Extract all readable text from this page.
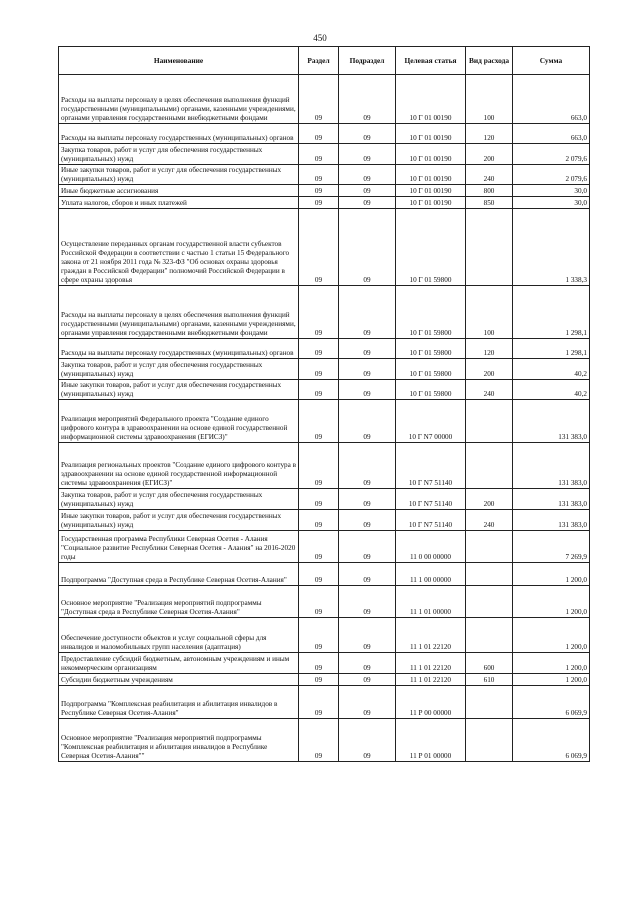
450
Наименование	Раздел	Подраздел	Целевая статья	Вид расхода	Сумма
Расходы на выплаты персоналу в целях обеспечения выполнения функций государственными (муниципальными) органами, казенными учреждениями, органами управления государственными внебюджетными фондами	09	09	10 Г 01 00190	100	663,0
Расходы на выплаты персоналу государственных (муниципальных) органов	09	09	10 Г 01 00190	120	663,0
Закупка товаров, работ и услуг для обеспечения государственных (муниципальных) нужд	09	09	10 Г 01 00190	200	2 079,6
Иные закупки товаров, работ и услуг для обеспечения государственных (муниципальных) нужд	09	09	10 Г 01 00190	240	2 079,6
Иные бюджетные ассигнования	09	09	10 Г 01 00190	800	30,0
Уплата налогов, сборов и иных платежей	09	09	10 Г 01 00190	850	30,0
Осуществление переданных органам государственной власти субъектов Российской Федерации в соответствии с частью 1 статьи 15 Федерального закона от 21 ноября 2011 года № 323-ФЗ "Об основах охраны здоровья граждан в Российской Федерации" полномочий Российской Федерации в сфере охраны здоровья	09	09	10 Г 01 59800		1 338,3
Расходы на выплаты персоналу в целях обеспечения выполнения функций государственными (муниципальными) органами, казенными учреждениями, органами управления государственными внебюджетными фондами	09	09	10 Г 01 59800	100	1 298,1
Расходы на выплаты персоналу государственных (муниципальных) органов	09	09	10 Г 01 59800	120	1 298,1
Закупка товаров, работ и услуг для обеспечения государственных (муниципальных) нужд	09	09	10 Г 01 59800	200	40,2
Иные закупки товаров, работ и услуг для обеспечения государственных (муниципальных) нужд	09	09	10 Г 01 59800	240	40,2
Реализация мероприятий Федерального проекта "Создание единого цифрового контура в здравоохранении на основе единой государственной информационной системы здравоохранения (ЕГИСЗ)"	09	09	10 Г N7 00000		131 383,0
Реализация региональных проектов "Создание единого цифрового контура в здравоохранении на основе единой государственной информационной системы здравоохранения (ЕГИСЗ)"	09	09	10 Г N7 51140		131 383,0
Закупка товаров, работ и услуг для обеспечения государственных (муниципальных) нужд	09	09	10 Г N7 51140	200	131 383,0
Иные закупки товаров, работ и услуг для обеспечения государственных (муниципальных) нужд	09	09	10 Г N7 51140	240	131 383,0
Государственная программа Республики Северная Осетия - Алания "Социальное развитие Республики Северная Осетия - Алания" на 2016-2020 годы	09	09	11 0 00 00000		7 269,9
Подпрограмма "Доступная среда в Республике Северная Осетия-Алания"	09	09	11 1 00 00000		1 200,0
Основное мероприятие "Реализация мероприятий подпрограммы "Доступная среда в Республике Северная Осетия-Алания"	09	09	11 1 01 00000		1 200,0
Обеспечение доступности объектов и услуг социальной сферы для инвалидов и маломобильных групп населения (адаптация)	09	09	11 1 01 22120		1 200,0
Предоставление субсидий бюджетным, автономным учреждениям и иным некоммерческим организациям	09	09	11 1 01 22120	600	1 200,0
Субсидии бюджетным учреждениям	09	09	11 1 01 22120	610	1 200,0
Подпрограмма "Комплексная реабилитация и абилитация инвалидов в Республике Северная Осетия-Алания"	09	09	11 Р 00 00000		6 069,9
Основное мероприятие "Реализация мероприятий подпрограммы "Комплексная реабилитация и абилитация инвалидов в Республике Северная Осетия-Алания""	09	09	11 Р 01 00000		6 069,9
